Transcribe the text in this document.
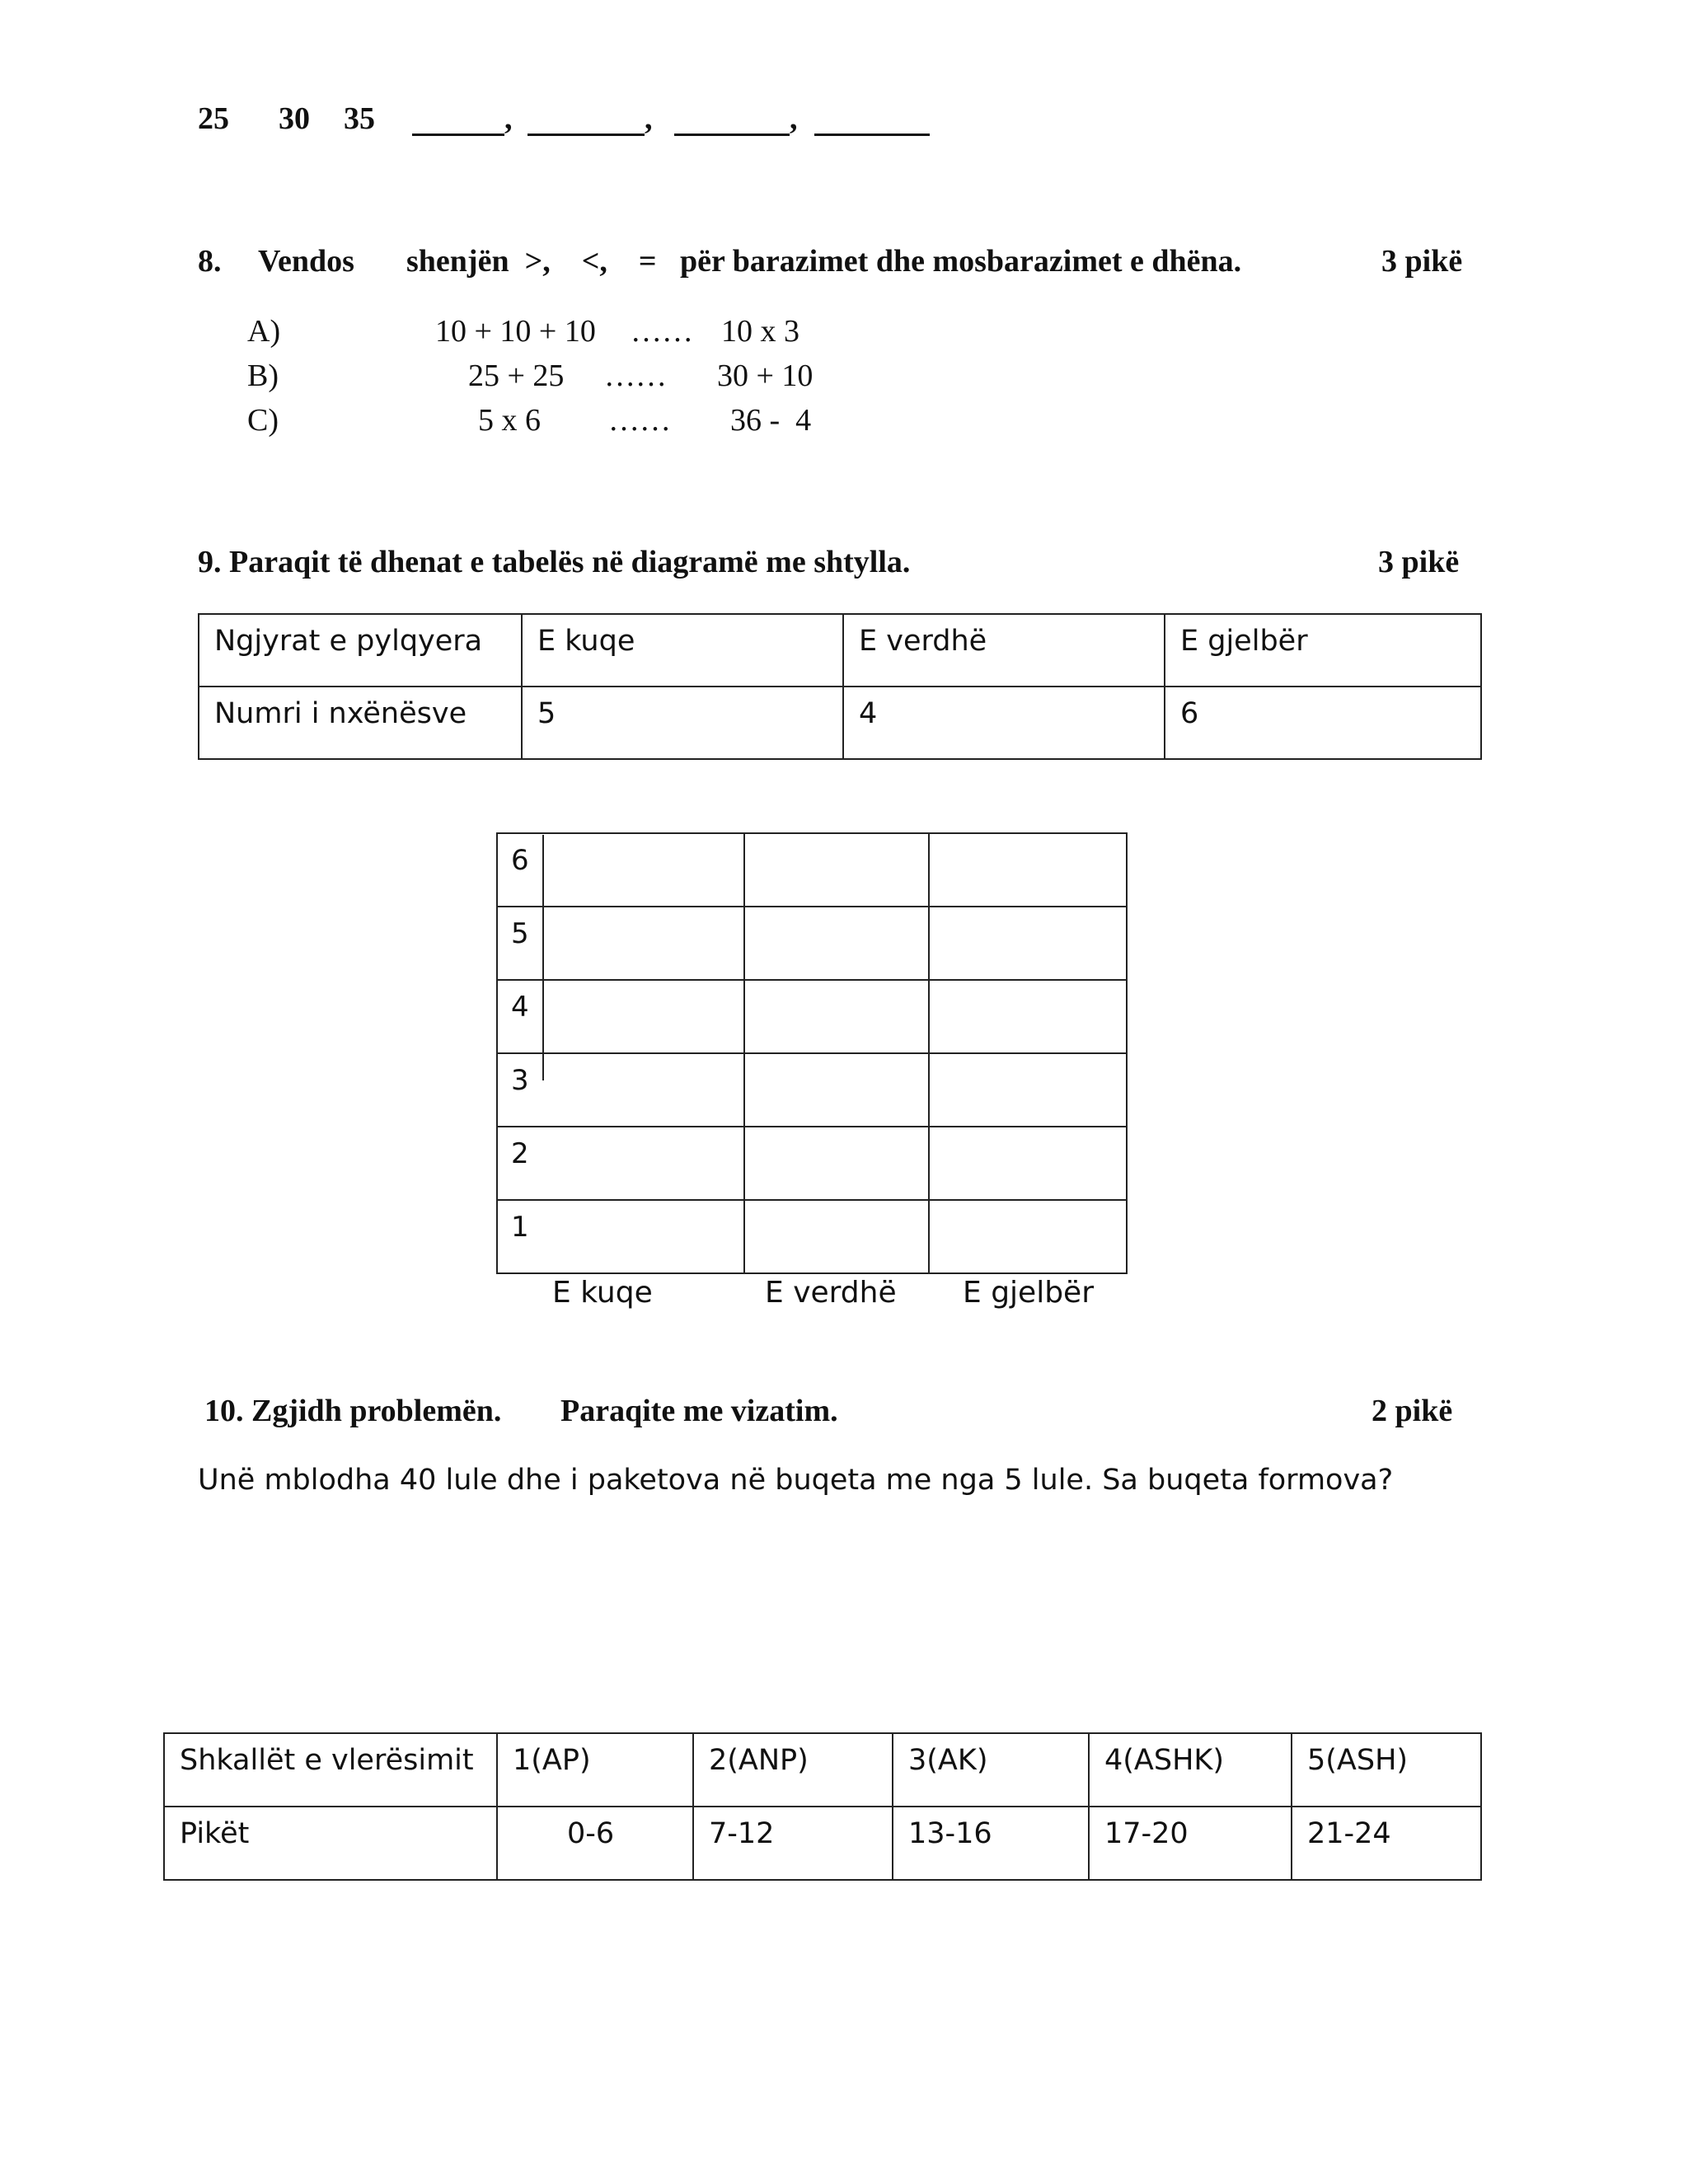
25 30 35	,	,	,
8. Vendos shenjën  >,    <,    =   për barazimet dhe mosbarazimet e dhëna.	3 pikë
A)	10 + 10 + 10 …… 10 x 3
B)	25 + 25 …… 30 + 10
C)	5 x 6 …… 36 -  4
9. Paraqit të dhenat e tabelës në diagramë me shtylla.	3 pikë
Ngjyrat e pylqyera	E kuqe	E verdhë	E gjelbër
Numri i nxënësve	5	4	6
6		
5		
4		
3		
2		
1		
E kuqe	E verdhë E gjelbër
10. Zgjidh problemën. Paraqite me vizatim.	2 pikë
Unë mblodha 40 lule dhe i paketova në buqeta me nga 5 lule. Sa buqeta formova?
Shkallët e vlerësimit	1(AP)	2(ANP)	3(AK)	4(ASHK)	5(ASH)
Pikët	0-6	7-12	13-16	17-20	21-24
